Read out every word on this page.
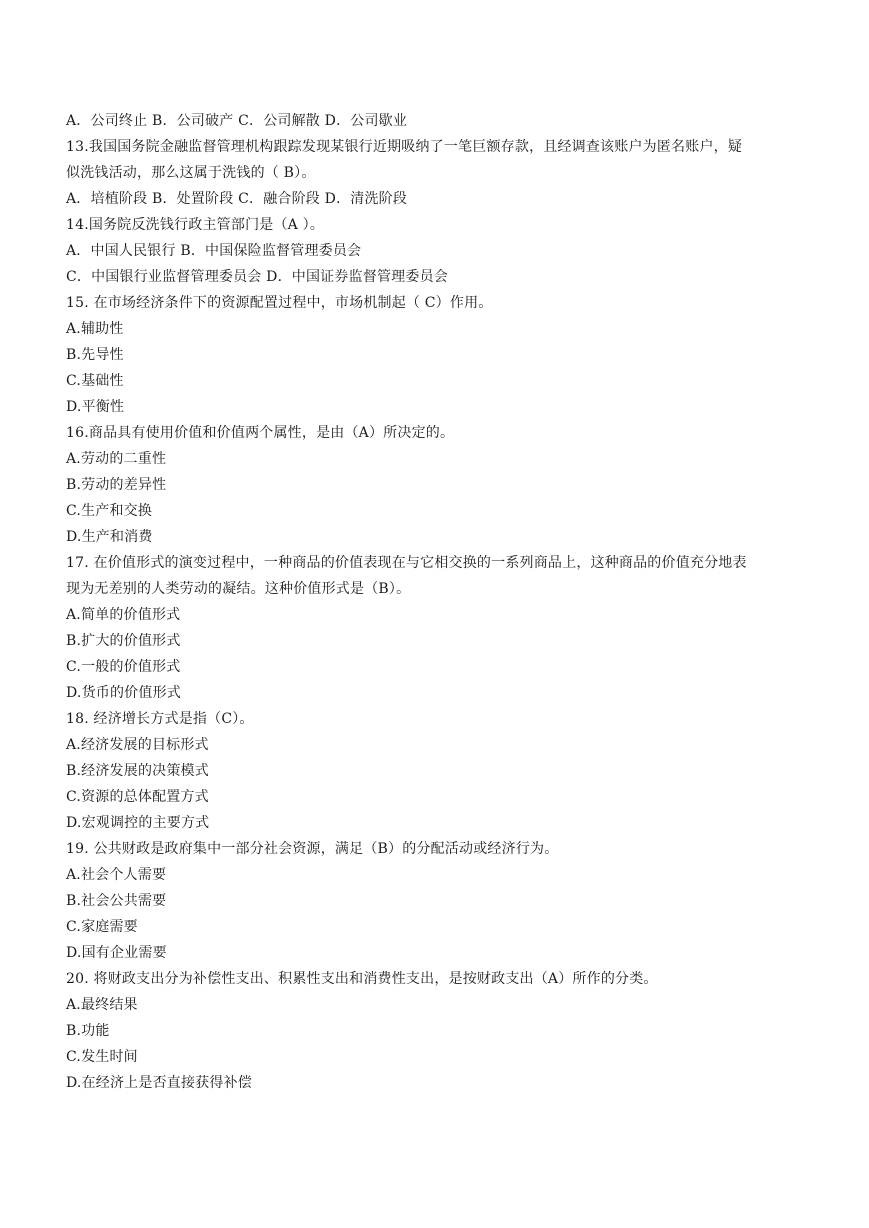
A．公司终止 B．公司破产 C．公司解散 D．公司歇业
13.我国国务院金融监督管理机构跟踪发现某银行近期吸纳了一笔巨额存款，且经调查该账户为匿名账户，疑
似洗钱活动，那么这属于洗钱的（ B）。
A．培植阶段 B．处置阶段 C．融合阶段 D．清洗阶段
14.国务院反洗钱行政主管部门是（A ）。
A．中国人民银行 B．中国保险监督管理委员会
C．中国银行业监督管理委员会 D．中国证券监督管理委员会
15. 在市场经济条件下的资源配置过程中，市场机制起（ C）作用。
A.辅助性
B.先导性
C.基础性
D.平衡性
16.商品具有使用价值和价值两个属性，是由（A）所决定的。
A.劳动的二重性
B.劳动的差异性
C.生产和交换
D.生产和消费
17. 在价值形式的演变过程中，一种商品的价值表现在与它相交换的一系列商品上，这种商品的价值充分地表
现为无差别的人类劳动的凝结。这种价值形式是（B）。
A.简单的价值形式
B.扩大的价值形式
C.一般的价值形式
D.货币的价值形式
18. 经济增长方式是指（C）。
A.经济发展的目标形式
B.经济发展的决策模式
C.资源的总体配置方式
D.宏观调控的主要方式
19. 公共财政是政府集中一部分社会资源，满足（B）的分配活动或经济行为。
A.社会个人需要
B.社会公共需要
C.家庭需要
D.国有企业需要
20. 将财政支出分为补偿性支出、积累性支出和消费性支出，是按财政支出（A）所作的分类。
A.最终结果
B.功能
C.发生时间
D.在经济上是否直接获得补偿
